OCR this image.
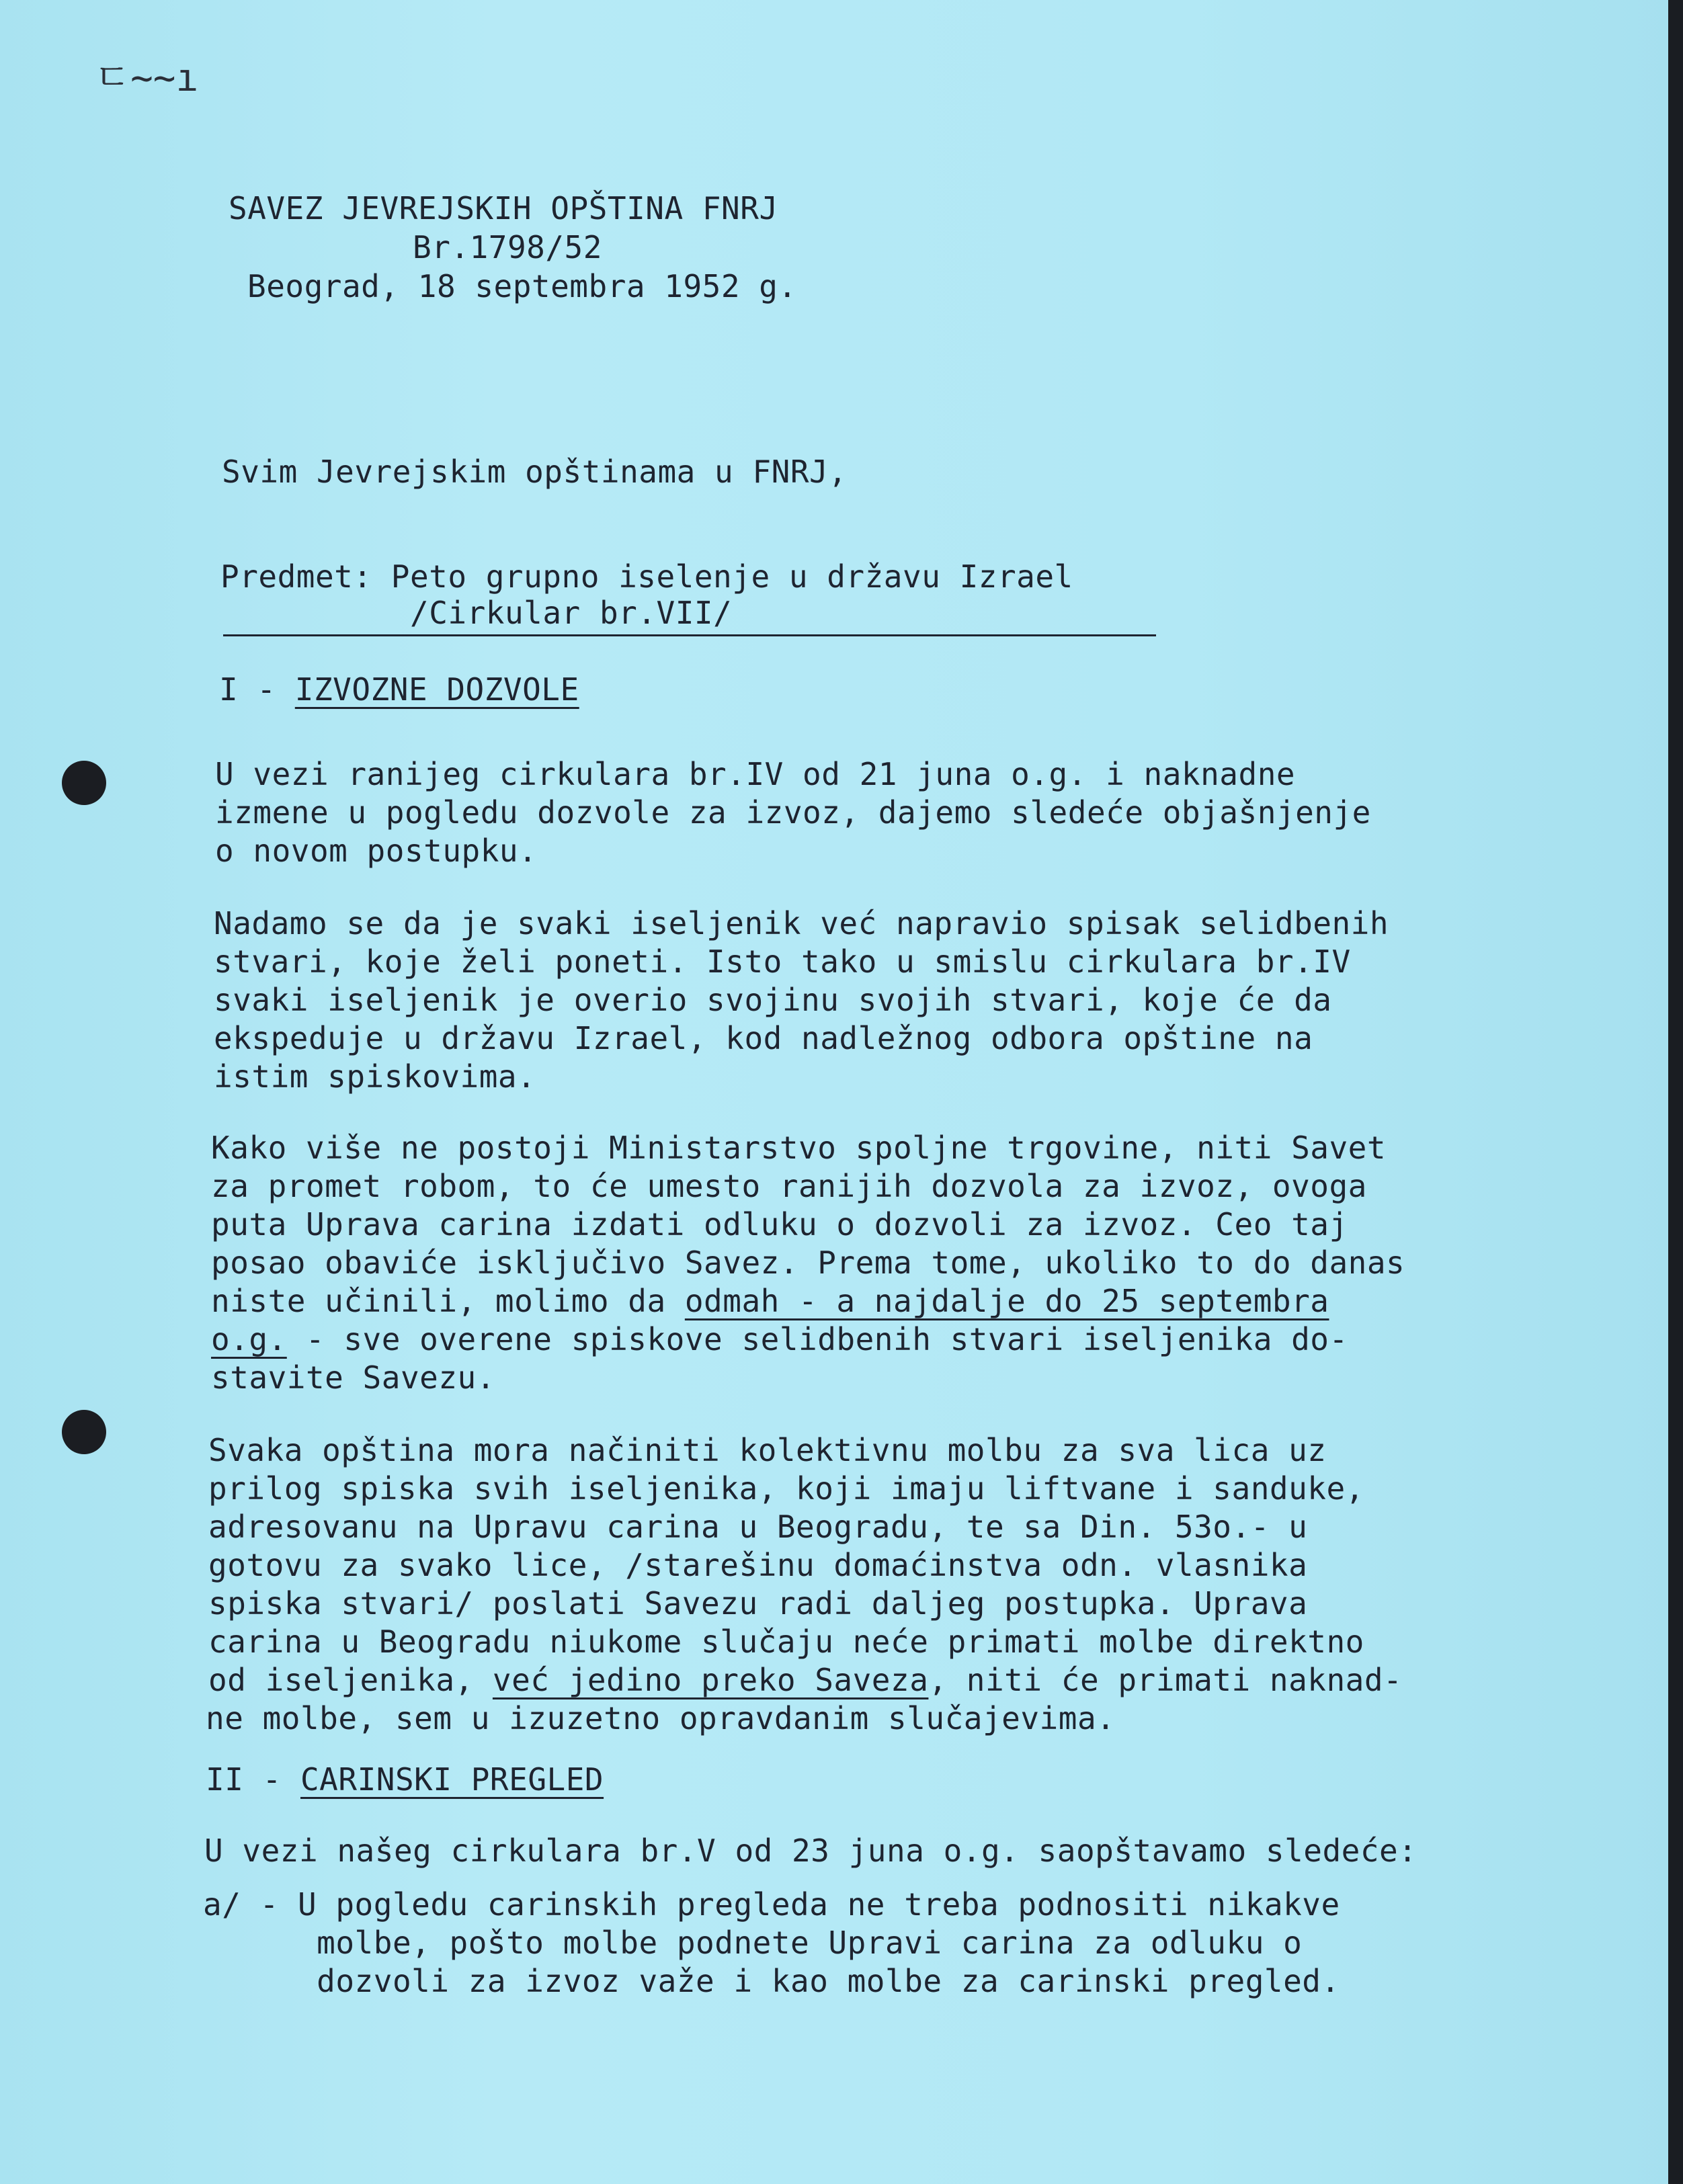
ㄷ~~ı
SAVEZ JEVREJSKIH OPŠTINA FNRJ
Br.1798/52
Beograd, 18 septembra 1952 g.
Svim Jevrejskim opštinama u FNRJ,
Predmet: Peto grupno iselenje u državu Izrael
/Cirkular br.VII/
I - IZVOZNE DOZVOLE
U vezi ranijeg cirkulara br.IV od 21 juna o.g. i naknadne
izmene u pogledu dozvole za izvoz, dajemo sledeće objašnjenje
o novom postupku.
Nadamo se da je svaki iseljenik već napravio spisak selidbenih
stvari, koje želi poneti. Isto tako u smislu cirkulara br.IV
svaki iseljenik je overio svojinu svojih stvari, koje će da
ekspeduje u državu Izrael, kod nadležnog odbora opštine na
istim spiskovima.
Kako više ne postoji Ministarstvo spoljne trgovine, niti Savet
za promet robom, to će umesto ranijih dozvola za izvoz, ovoga
puta Uprava carina izdati odluku o dozvoli za izvoz. Ceo taj
posao obaviće isključivo Savez. Prema tome, ukoliko to do danas
niste učinili, molimo da odmah - a najdalje do 25 septembra
o.g. - sve overene spiskove selidbenih stvari iseljenika do-
stavite Savezu.
Svaka opština mora načiniti kolektivnu molbu za sva lica uz
prilog spiska svih iseljenika, koji imaju liftvane i sanduke,
adresovanu na Upravu carina u Beogradu, te sa Din. 53o.- u
gotovu za svako lice, /starešinu domaćinstva odn. vlasnika
spiska stvari/ poslati Savezu radi daljeg postupka. Uprava
carina u Beogradu niukome slučaju neće primati molbe direktno
od iseljenika, već jedino preko Saveza, niti će primati naknad-
ne molbe, sem u izuzetno opravdanim slučajevima.
II - CARINSKI PREGLED
U vezi našeg cirkulara br.V od 23 juna o.g. saopštavamo sledeće:
a/ - U pogledu carinskih pregleda ne treba podnositi nikakve
molbe, pošto molbe podnete Upravi carina za odluku o
dozvoli za izvoz važe i kao molbe za carinski pregled.
